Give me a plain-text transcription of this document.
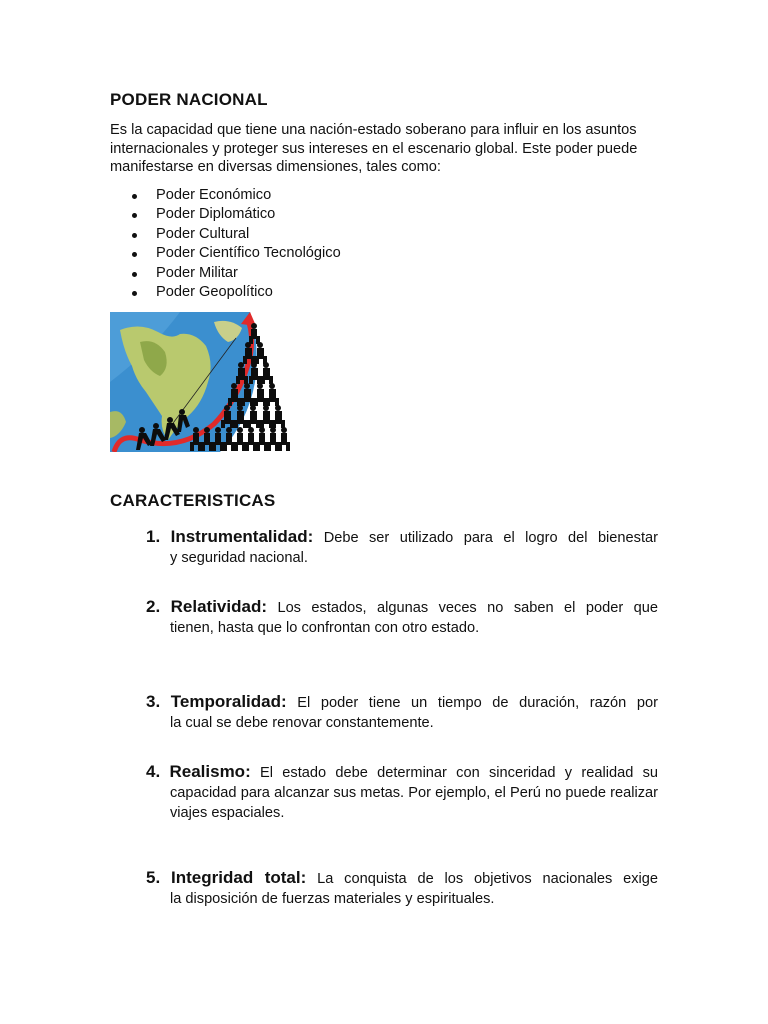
PODER NACIONAL
Es la capacidad que tiene una nación-estado soberano para influir en los asuntos internacionales y proteger sus intereses en el escenario global. Este poder puede manifestarse en diversas dimensiones, tales como:
Poder Económico
Poder Diplomático
Poder Cultural
Poder Científico Tecnológico
Poder Militar
Poder Geopolítico
CARACTERISTICAS
1. Instrumentalidad: Debe ser utilizado para el logro del bienestar
y seguridad nacional.
2. Relatividad: Los estados, algunas veces no saben el poder que
tienen, hasta que lo confrontan con otro estado.
3. Temporalidad: El poder tiene un tiempo de duración, razón por
la cual se debe renovar constantemente.
4. Realismo: El estado debe determinar con sinceridad y realidad su
capacidad para alcanzar sus metas. Por ejemplo, el Perú no puede realizar viajes espaciales.
5. Integridad total: La conquista de los objetivos nacionales exige
la disposición de fuerzas materiales y espirituales.
